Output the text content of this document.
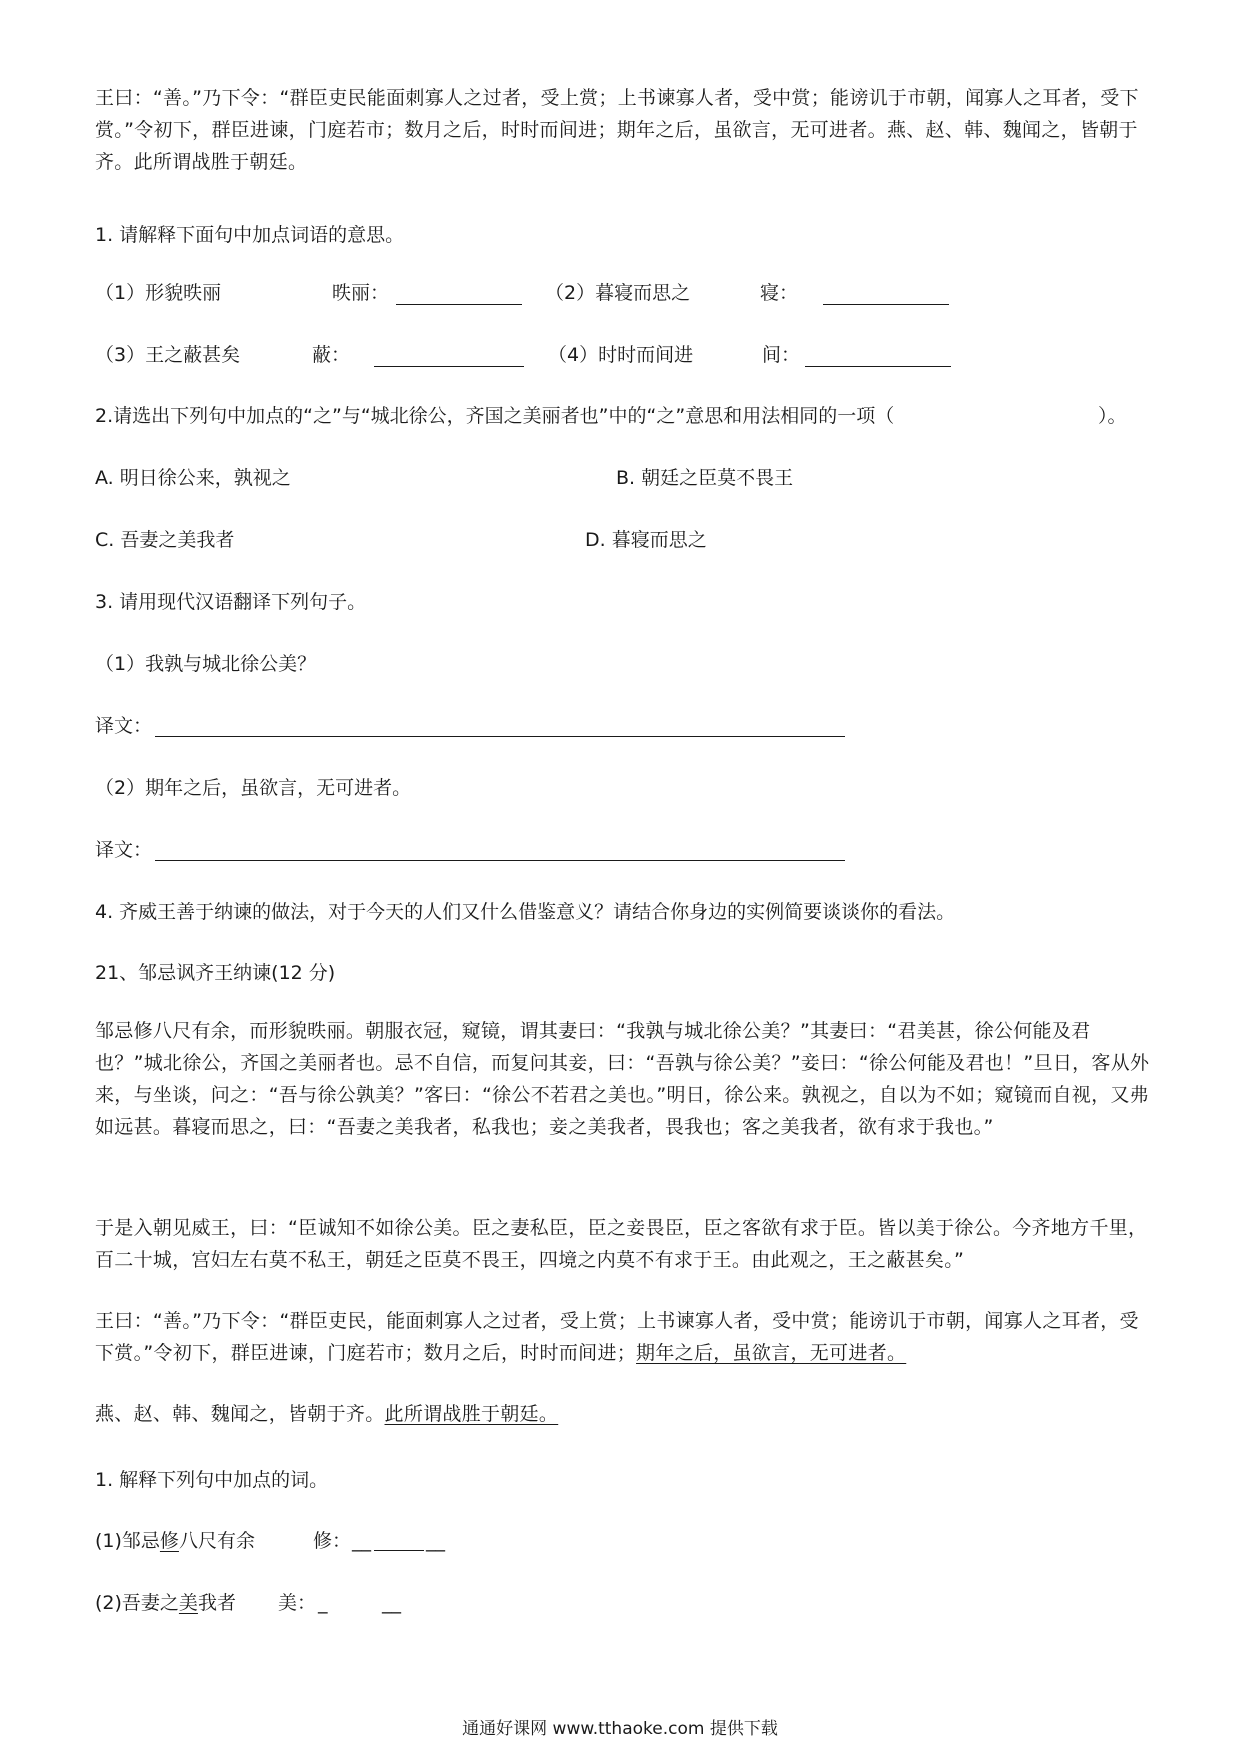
王曰：“善。”乃下令：“群臣吏民能面刺寡人之过者，受上赏；上书谏寡人者，受中赏；能谤讥于市朝，闻寡人之耳者，受下赏。”令初下，群臣进谏，门庭若市；数月之后，时时而间进；期年之后，虽欲言，无可进者。燕、赵、韩、魏闻之，皆朝于齐。此所谓战胜于朝廷。

1. 请解释下面句中加点词语的意思。
（1）形貌昳丽	昳丽：	（2）暮寝而思之	寝：
（3）王之蔽甚矣	蔽：	（4）时时而间进	间：
2.请选出下列句中加点的“之”与“城北徐公，齐国之美丽者也”中的“之”意思和用法相同的一项（	）。
A. 明日徐公来，孰视之	B. 朝廷之臣莫不畏王
C. 吾妻之美我者	D. 暮寝而思之
3. 请用现代汉语翻译下列句子。
（1）我孰与城北徐公美？
译文：
（2）期年之后，虽欲言，无可进者。
译文：
4. 齐威王善于纳谏的做法，对于今天的人们又什么借鉴意义？请结合你身边的实例简要谈谈你的看法。
21、邹忌讽齐王纳谏(12 分)

邹忌修八尺有余，而形貌昳丽。朝服衣冠，窥镜，谓其妻曰：“我孰与城北徐公美？”其妻曰：“君美甚，徐公何能及君也？”城北徐公，齐国之美丽者也。忌不自信，而复问其妾，曰：“吾孰与徐公美？”妾曰：“徐公何能及君也！”旦日，客从外来，与坐谈，问之：“吾与徐公孰美？”客曰：“徐公不若君之美也。”明日，徐公来。孰视之，自以为不如；窥镜而自视，又弗如远甚。暮寝而思之，曰：“吾妻之美我者，私我也；妾之美我者，畏我也；客之美我者，欲有求于我也。”

于是入朝见威王，曰：“臣诚知不如徐公美。臣之妻私臣，臣之妾畏臣，臣之客欲有求于臣。皆以美于徐公。今齐地方千里，百二十城，宫妇左右莫不私王，朝廷之臣莫不畏王，四境之内莫不有求于王。由此观之，王之蔽甚矣。”

王曰：“善。”乃下令：“群臣吏民，能面刺寡人之过者，受上赏；上书谏寡人者，受中赏；能谤讥于市朝，闻寡人之耳者，受下赏。”令初下，群臣进谏，门庭若市；数月之后，时时而间进；期年之后，虽欲言，无可进者。

燕、赵、韩、魏闻之，皆朝于齐。此所谓战胜于朝廷。

1. 解释下列句中加点的词。
(1)邹忌修八尺有余	修： __	__
(2)吾妻之美我者 美： _	__
通通好课网 www.tthaoke.com 提供下载
